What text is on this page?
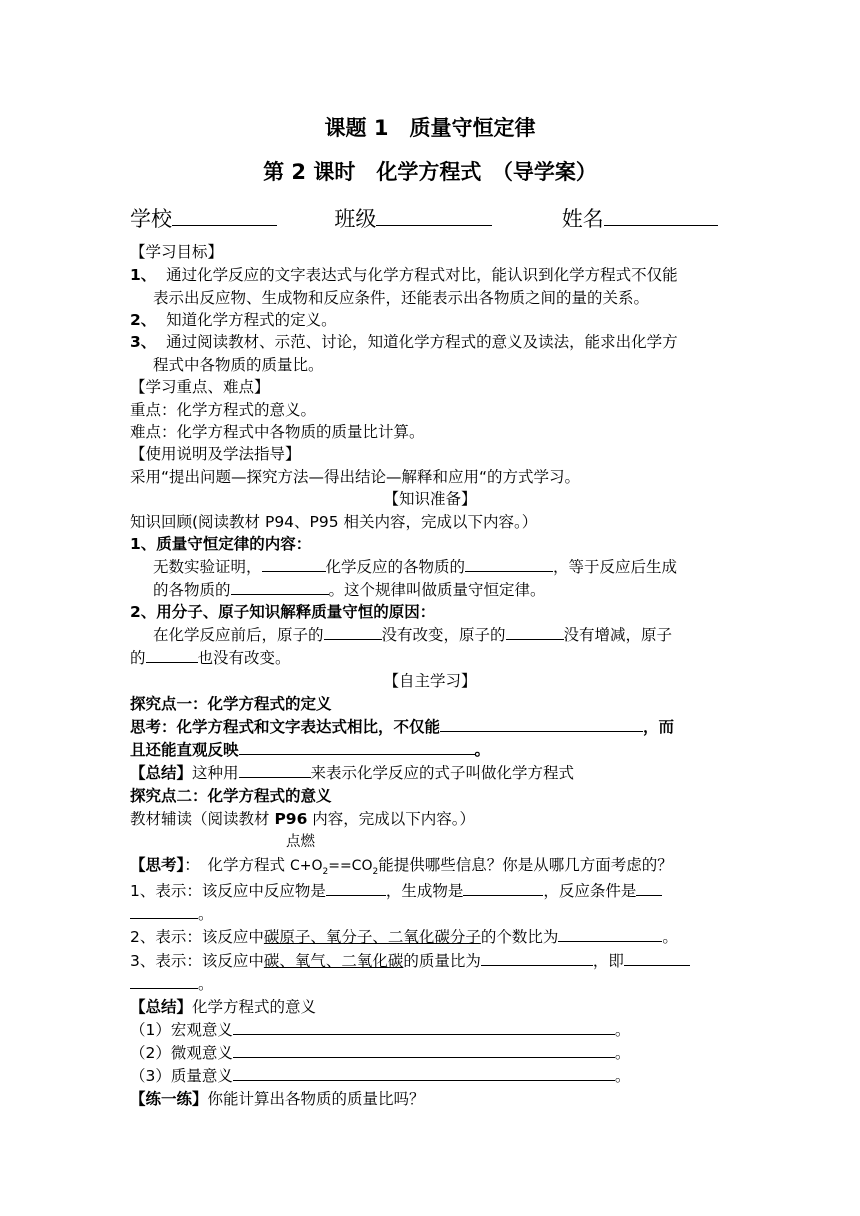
课题 1　质量守恒定律
第 2 课时　化学方程式　（导学案）
学校	班级	姓名
【学习目标】
1、 通过化学反应的文字表达式与化学方程式对比，能认识到化学方程式不仅能
表示出反应物、生成物和反应条件，还能表示出各物质之间的量的关系。
2、 知道化学方程式的定义。
3、 通过阅读教材、示范、讨论，知道化学方程式的意义及读法，能求出化学方
程式中各物质的质量比。
【学习重点、难点】
重点：化学方程式的意义。
难点：化学方程式中各物质的质量比计算。
【使用说明及学法指导】
采用“提出问题—探究方法—得出结论—解释和应用“的方式学习。
【知识准备】
知识回顾(阅读教材 P94、P95 相关内容，完成以下内容。）
1、质量守恒定律的内容：
无数实验证明，	化学反应的各物质的	，等于反应后生成
的各物质的	。这个规律叫做质量守恒定律。
2、用分子、原子知识解释质量守恒的原因：
在化学反应前后，原子的	没有改变，原子的	没有增减，原子
的	也没有改变。
【自主学习】
探究点一：化学方程式的定义
思考：化学方程式和文字表达式相比，不仅能	，而
且还能直观反映	。
【总结】这种用	来表示化学反应的式子叫做化学方程式
探究点二：化学方程式的意义
教材辅读（阅读教材 P96 内容，完成以下内容。）
点燃
【思考】：　化学方程式 $C+O_2==CO_2$能提供哪些信息？你是从哪几方面考虑的？
1、表示：该反应中反应物是	，生成物是	，反应条件是
。
2、表示：该反应中碳原子、氧分子、二氧化碳分子的个数比为	。
3、表示：该反应中碳、氧气、二氧化碳的质量比为	，即
。
【总结】化学方程式的意义
（1）宏观意义	。
（2）微观意义	。
（3）质量意义	。
【练一练】你能计算出各物质的质量比吗？
